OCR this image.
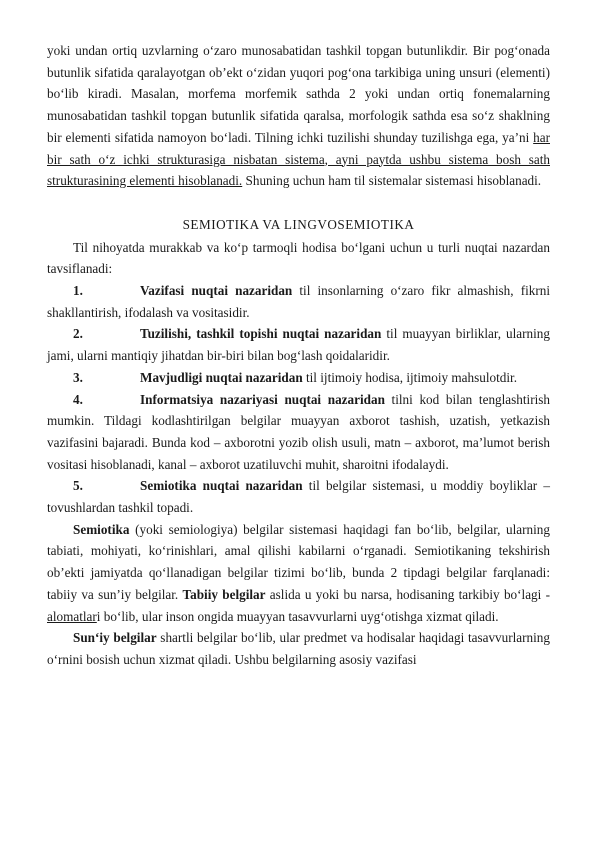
yoki undan ortiq uzvlarning o‘zaro munosabatidan tashkil topgan butunlikdir. Bir pog‘onada butunlik sifatida qaralayotgan ob’ekt o‘zidan yuqori pog‘ona tarkibiga uning unsuri (elementi) bo‘lib kiradi. Masalan, morfema morfemik sathda 2 yoki undan ortiq fonemalarning munosabatidan tashkil topgan butunlik sifatida qaralsa, morfologik sathda esa so‘z shaklning bir elementi sifatida namoyon bo‘ladi. Tilning ichki tuzilishi shunday tuzilishga ega, ya’ni har bir sath o‘z ichki strukturasiga nisbatan sistema, ayni paytda ushbu sistema bosh sath strukturasining elementi hisoblanadi. Shuning uchun ham til sistemalar sistemasi hisoblanadi.

SEMIOTIKA VA LINGVOSEMIOTIKA

Til nihoyatda murakkab va ko‘p tarmoqli hodisa bo‘lgani uchun u turli nuqtai nazardan tavsiflanadi:

1.	Vazifasi nuqtai nazaridan til insonlarning o‘zaro fikr almashish, fikrni shakllantirish, ifodalash va vositasidir.

2.	Tuzilishi, tashkil topishi nuqtai nazaridan til muayyan birliklar, ularning jami, ularni mantiqiy jihatdan bir-biri bilan bog‘lash qoidalaridir.

3.	Mavjudligi nuqtai nazaridan til ijtimoiy hodisa, ijtimoiy mahsulotdir.

4.	Informatsiya nazariyasi nuqtai nazaridan tilni kod bilan tenglashtirish mumkin. Tildagi kodlashtirilgan belgilar muayyan axborot tashish, uzatish, yetkazish vazifasini bajaradi. Bunda kod – axborotni yozib olish usuli, matn – axborot, ma’lumot berish vositasi hisoblanadi, kanal – axborot uzatiluvchi muhit, sharoitni ifodalaydi.

5.	Semiotika nuqtai nazaridan til belgilar sistemasi, u moddiy boyliklar – tovushlardan tashkil topadi.

Semiotika (yoki semiologiya) belgilar sistemasi haqidagi fan bo‘lib, belgilar, ularning tabiati, mohiyati, ko‘rinishlari, amal qilishi kabilarni o‘rganadi. Semiotikaning tekshirish ob’ekti jamiyatda qo‘llanadigan belgilar tizimi bo‘lib, bunda 2 tipdagi belgilar farqlanadi: tabiiy va sun’iy belgilar. Tabiiy belgilar aslida u yoki bu narsa, hodisaning tarkibiy bo‘lagi - alomatlari bo‘lib, ular inson ongida muayyan tasavvurlarni uyg‘otishga xizmat qiladi.

Sun‘iy belgilar shartli belgilar bo‘lib, ular predmet va hodisalar haqidagi tasavvurlarning o‘rnini bosish uchun xizmat qiladi. Ushbu belgilarning asosiy vazifasi
